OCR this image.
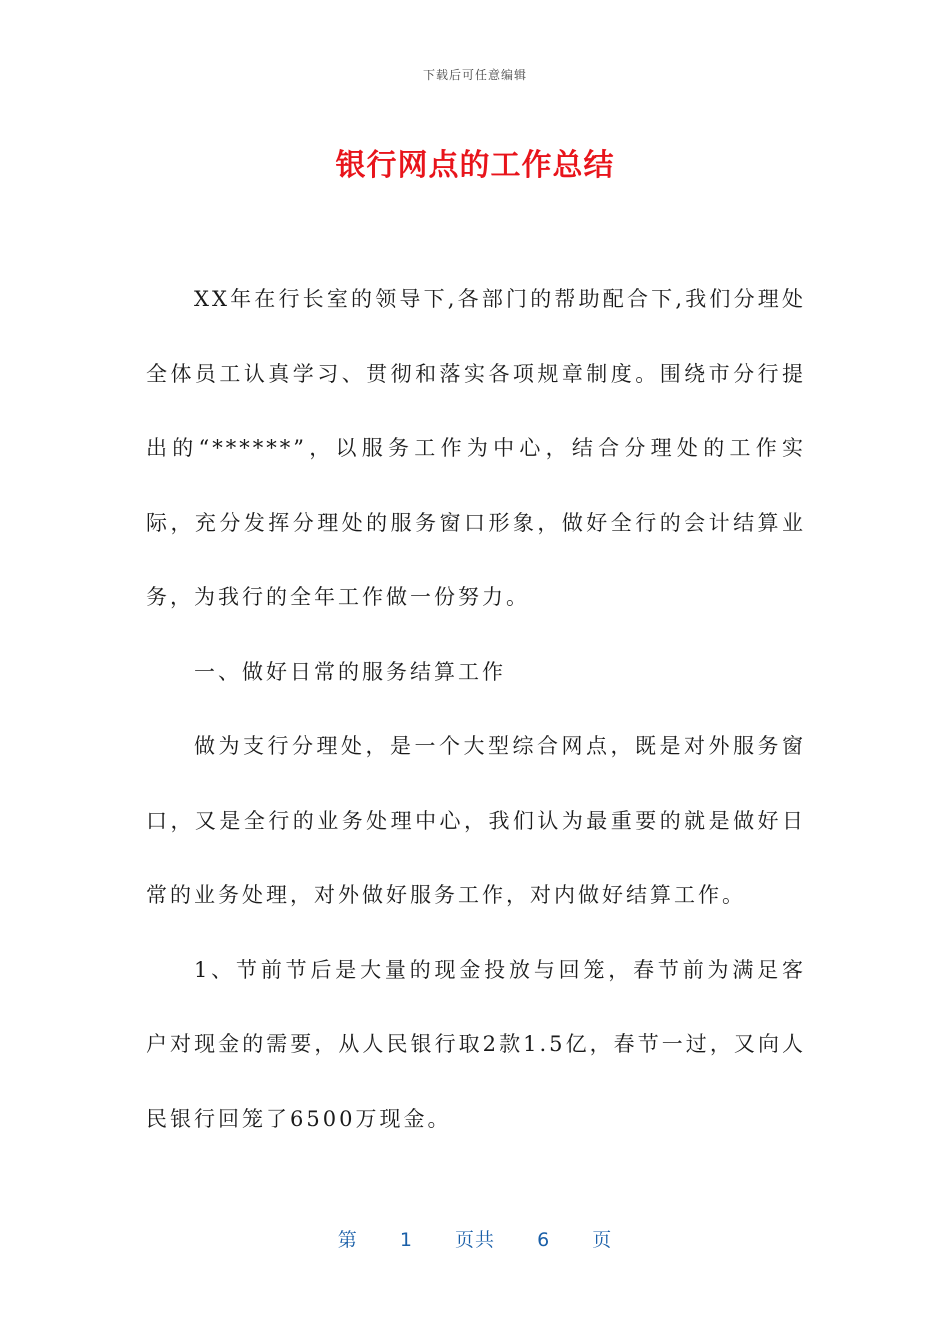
下载后可任意编辑
银行网点的工作总结

XX年在行长室的领导下,各部门的帮助配合下,我们分理处全体员工认真学习、贯彻和落实各项规章制度。围绕市分行提出的“******”，以服务工作为中心，结合分理处的工作实际，充分发挥分理处的服务窗口形象，做好全行的会计结算业务，为我行的全年工作做一份努力。

一、做好日常的服务结算工作

做为支行分理处，是一个大型综合网点，既是对外服务窗口，又是全行的业务处理中心，我们认为最重要的就是做好日常的业务处理，对外做好服务工作，对内做好结算工作。

1、节前节后是大量的现金投放与回笼，春节前为满足客户对现金的需要，从人民银行取2款1.5亿，春节一过，又向人民银行回笼了6500万现金。

第  1  页共  6  页
